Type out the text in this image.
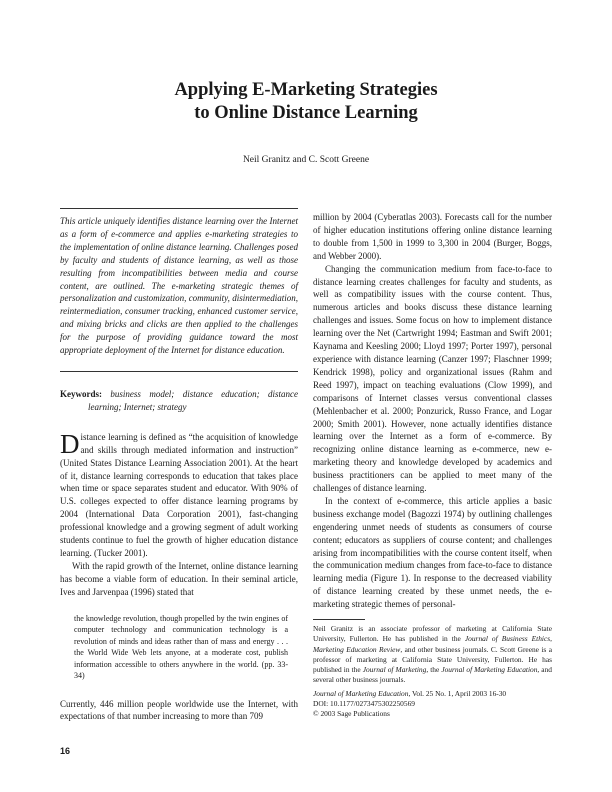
Applying E-Marketing Strategies
to Online Distance Learning
Neil Granitz and C. Scott Greene

This article uniquely identifies distance learning over the Internet as a form of e-commerce and applies e-marketing strategies to the implementation of online distance learning. Challenges posed by faculty and students of distance learning, as well as those resulting from incompatibilities between media and course content, are outlined. The e-marketing strategic themes of personalization and customization, community, disintermediation, reintermediation, consumer tracking, enhanced customer service, and mixing bricks and clicks are then applied to the challenges for the purpose of providing guidance toward the most appropriate deployment of the Internet for distance education.

Keywords: business model; distance education; distance learning; Internet; strategy

Distance learning is defined as “the acquisition of knowledge and skills through mediated information and instruction” (United States Distance Learning Association 2001). At the heart of it, distance learning corresponds to education that takes place when time or space separates student and educator. With 90% of U.S. colleges expected to offer distance learning programs by 2004 (International Data Corporation 2001), fast-changing professional knowledge and a growing segment of adult working students continue to fuel the growth of higher education distance learning. (Tucker 2001).

With the rapid growth of the Internet, online distance learning has become a viable form of education. In their seminal article, Ives and Jarvenpaa (1996) stated that

the knowledge revolution, though propelled by the twin engines of computer technology and communication technology is a revolution of minds and ideas rather than of mass and energy . . . the World Wide Web lets anyone, at a moderate cost, publish information accessible to others anywhere in the world. (pp. 33-34)

Currently, 446 million people worldwide use the Internet, with expectations of that number increasing to more than 709

million by 2004 (Cyberatlas 2003). Forecasts call for the number of higher education institutions offering online distance learning to double from 1,500 in 1999 to 3,300 in 2004 (Burger, Boggs, and Webber 2000).

Changing the communication medium from face-to-face to distance learning creates challenges for faculty and students, as well as compatibility issues with the course content. Thus, numerous articles and books discuss these distance learning challenges and issues. Some focus on how to implement distance learning over the Net (Cartwright 1994; Eastman and Swift 2001; Kaynama and Keesling 2000; Lloyd 1997; Porter 1997), personal experience with distance learning (Canzer 1997; Flaschner 1999; Kendrick 1998), policy and organizational issues (Rahm and Reed 1997), impact on teaching evaluations (Clow 1999), and comparisons of Internet classes versus conventional classes (Mehlenbacher et al. 2000; Ponzurick, Russo France, and Logar 2000; Smith 2001). However, none actually identifies distance learning over the Internet as a form of e-commerce. By recognizing online distance learning as e-commerce, new e-marketing theory and knowledge developed by academics and business practitioners can be applied to meet many of the challenges of distance learning.

In the context of e-commerce, this article applies a basic business exchange model (Bagozzi 1974) by outlining challenges engendering unmet needs of students as consumers of course content; educators as suppliers of course content; and challenges arising from incompatibilities with the course content itself, when the communication medium changes from face-to-face to distance learning media (Figure 1). In response to the decreased viability of distance learning created by these unmet needs, the e-marketing strategic themes of personal-

Neil Granitz is an associate professor of marketing at California State University, Fullerton. He has published in the Journal of Business Ethics, Marketing Education Review, and other business journals. C. Scott Greene is a professor of marketing at California State University, Fullerton. He has published in the Journal of Marketing, the Journal of Marketing Education, and several other business journals.

Journal of Marketing Education, Vol. 25 No. 1, April 2003 16-30

DOI: 10.1177/0273475302250569

© 2003 Sage Publications

16
